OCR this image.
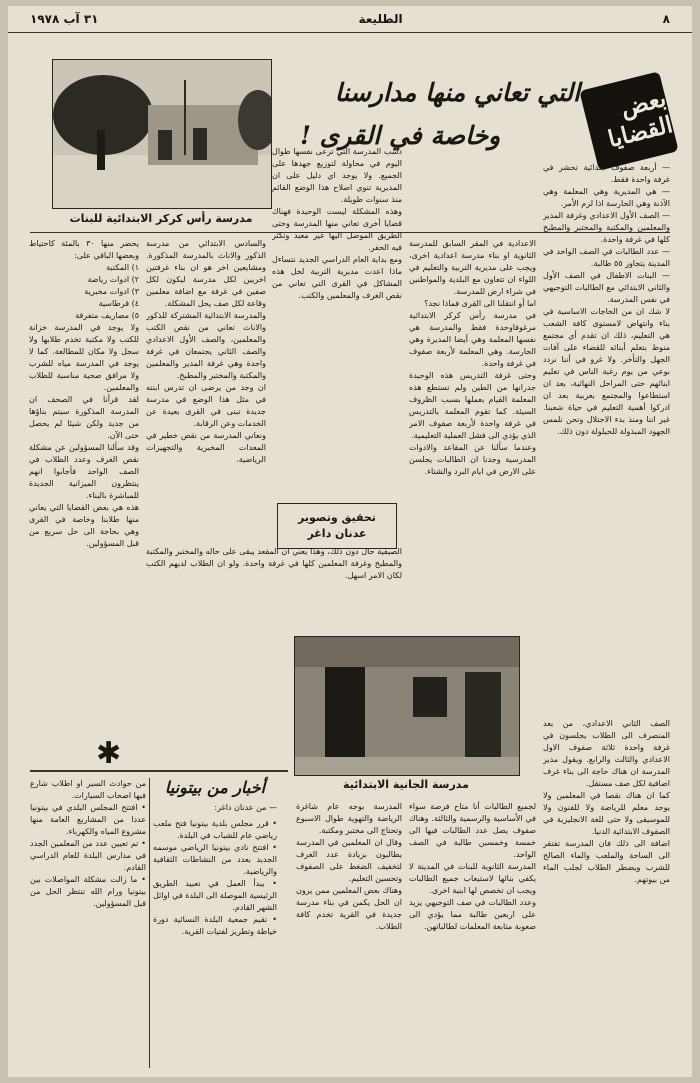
٨
الطليعة
٣١ آب ١٩٧٨
بعض القضايا
التي تعاني منها مدارسنا
وخاصة في القرى !
مدرسة رأس كركر الابتدائية للبنات
— أربعة صفوف ابتدائية تحشر في غرفة واحدة فقط.
— هي المديرية وهي المعلمة وهي الآذنة وهي الحارسة اذا لزم الأمر.
— الصف الأول الاعدادي وغرفة المدير والمعلمين والمكتبة والمختبر والمطبخ كلها في غرفة واحدة.
— عدد الطالبات في الصف الواحد في المدينة يتجاوز ٥٥ طالبة.
— البنات الاطفال في الصف الأول والثاني الابتدائي مع الطالبات التوجيهي في نفس المدرسة.
لا شك ان من الحاجات الاساسية في بناء وانتهاض لامستوى كافة الشعب هي التعليم، ذلك ان تقدم أي مجتمع منوط بتعلم أبنائه للقضاء على آفات الجهل والتأخر. ولا غرو في أننا نردد بوعي من يوم رغبة الناس في تعليم ابنائهم حتى المراحل النهائية، بعد ان استطاعوا والمجتمع بعربية بعد ان ادركوا أهمية التعليم في حياة شعبنا. غير اننا ومنذ بدء الاحتلال ونحن نلمس الجهود المبذولة للحيلولة دون ذلك.
الاعدادية في المقر السابق للمدرسة الثانوية او بناء مدرسة اعدادية اخرى، ويجب على مديرية التربية والتعليم في اللواء ان تتعاون مع البلدية والمواطنين في شراء ارض للمدرسة.
اما أو انتقلنا الى القرى فماذا نجد؟
في مدرسة رأس كركر الابتدائية مرغوفاوحدة فقط والمدرسة هي نفسها المعلمة وهي أيضا المديرة وهي الحارسة. وهي المعلمة لأربعة صفوف في غرفة واحدة.
وحتى غرفة التدريس هذه الوحيدة جدرانها من الطين ولم تستطع هذه المعلمة القيام بعملها بسبب الظروف السيئة. كما تقوم المعلمة بالتدريس في غرفة واحدة لأربعة صفوف الامر الذي يؤدي الى فشل العملية التعليمية.
وعندما سألنا عن المقاعد والادوات المدرسية وجدنا ان الطالبات يجلسن على الارض في ايام البرد والشتاء.
دسب المدرسة التي ترعى نفسها طوال اليوم في محاولة لتوزيع جهدها على الجميع. ولا يوجد اي دليل على ان المديرية تنوي اصلاح هذا الوضع القائم منذ سنوات طويلة.
وهذه المشكلة ليست الوحيدة فهناك قضايا أخرى تعاني منها المدرسة وحتى الطريق الموصل اليها غير معبد وتكثر فيه الحفر.
ومع بداية العام الدراسي الجديد نتساءل ماذا اعدت مديرية التربية لحل هذه المشاكل في القرى التي تعاني من نقص الغرف والمعلمين والكتب.
تحقيق وتصوير
عدنان داغر
والسادس الابتدائي من مدرسة الذكور والاناث بالمدرسة المذكورة. ومشايعين اخر هو ان بناء غرفتين اخريين لكل مدرسة ليكون لكل صفين في غرفة مع اضافة معلمين وقاعة لكل صف يحل المشكلة.
والمدرسة الابتدائية المشتركة للذكور والاناث تعاني من نقص الكتب والمعلمين، والصف الأول الاعدادي والصف الثاني يجتمعان في غرفة واحدة وهي غرفة المدير والمعلمين والمكتبة والمختبر والمطبخ.
ان وجد من يرضى ان تدرس ابنته في مثل هذا الوضع في مدرسة جديدة تبنى في القرى بعيدة عن الخدمات وعن الرقابة.
ونعاني المدرسة من نقص خطير في المعدات المخبرية والتجهيزات الرياضية.
يحضر منها ٣٠ بالمئة كاحتياط وبعضها الباقي على:
١) المكتبة
٢) ادوات رياضة
٣) ادوات مخبرية
٤) قرطاسية
٥) مصاريف متفرقة
ولا يوجد في المدرسة خزانة للكتب ولا مكتبة تخدم طلابها ولا سجل ولا مكان للمطالعة. كما لا يوجد في المدرسة مياه للشرب ولا مرافق صحية مناسبة للطلاب والمعلمين.
لقد قرأنا في الصحف ان المدرسة المذكورة سيتم بناؤها من جديد ولكن شيئا لم يحصل حتى الآن.
وقد سألنا المسؤولين عن مشكلة نقص الغرف وعدد الطلاب في الصف الواحد فأجابوا انهم ينتظرون الميزانية الجديدة للمباشرة بالبناء.
هذه هي بعض القضايا التي يعاني منها طلابنا وخاصة في القرى وهي بحاجة الى حل سريع من قبل المسؤولين.
الصيفية حال دون ذلك، وهذا يعني ان المقعد يبقى على حاله والمختبر والمكتبة والمطبخ وغرفة المعلمين كلها في غرفة واحدة. ولو ان الطلاب لديهم الكتب لكان الامر اسهل.
مدرسة الجانية الابتدائية
✱
الصف الثاني الاعدادي، من بعد المنصرف الى الطلاب يجلسون في غرفة واحدة ثلاثة صفوف الاول الاعدادي والثالث والرابع. ويقول مدير المدرسة ان هناك حاجة الى بناء غرف اضافية لكل صف مستقل.
كما ان هناك نقصا في المعلمين ولا يوجد معلم للرياضة ولا للفنون ولا للموسيقى ولا حتى للغة الانجليزية في الصفوف الابتدائية الدنيا.
اضافة الى ذلك فان المدرسة تفتقر الى الساحة والملعب والماء الصالح للشرب ويضطر الطلاب لجلب الماء من بيوتهم.
لجميع الطالبات أنا متاح فرصة سواء في الأساسية والرسمية والثالثة. وهناك صفوف يصل عدد الطالبات فيها الى خمسة وخمسين طالبة في الصف الواحد.
المدرسة الثانوية للبنات في المدينة لا يكفي بنائها لاستيعاب جميع الطالبات ويجب ان تخصص لها ابنية اخرى.
وعدد الطالبات في صف التوجيهي يزيد على اربعين طالبة مما يؤدي الى صعوبة متابعة المعلمات لطالباتهن.
المدرسة بوجه عام شاغرة الرياضة والتهوية طوال الاسبوع وتحتاج الى مختبر ومكتبة.
وقال ان المعلمين في المدرسة يطالبون بزيادة عدد الغرف لتخفيف الضغط على الصفوف وتحسين التعليم.
وهناك بعض المعلمين ممن يرون ان الحل يكمن في بناء مدرسة جديدة في القرية تخدم كافة الطلاب.
أخبار من بيتونيا
— من عدنان داغر:
• قرر مجلس بلدية بيتونيا فتح ملعب رياضي عام للشباب في البلدة.
• افتتح نادي بيتونيا الرياضي موسمه الجديد بعدد من النشاطات الثقافية والرياضية.
• يبدأ العمل في تعبيد الطريق الرئيسية الموصلة الى البلدة في اوائل الشهر القادم.
• تقيم جمعية البلدة النسائية دورة خياطة وتطريز لفتيات القرية.
من حوادث السير او اطلاب شارع فيها اصحاب السيارات.
• افتتح المجلس البلدي في بيتونيا عددا من المشاريع العامة منها مشروع المياه والكهرباء.
• تم تعيين عدد من المعلمين الجدد في مدارس البلدة للعام الدراسي القادم.
• ما زالت مشكلة المواصلات بين بيتونيا ورام الله تنتظر الحل من قبل المسؤولين.
